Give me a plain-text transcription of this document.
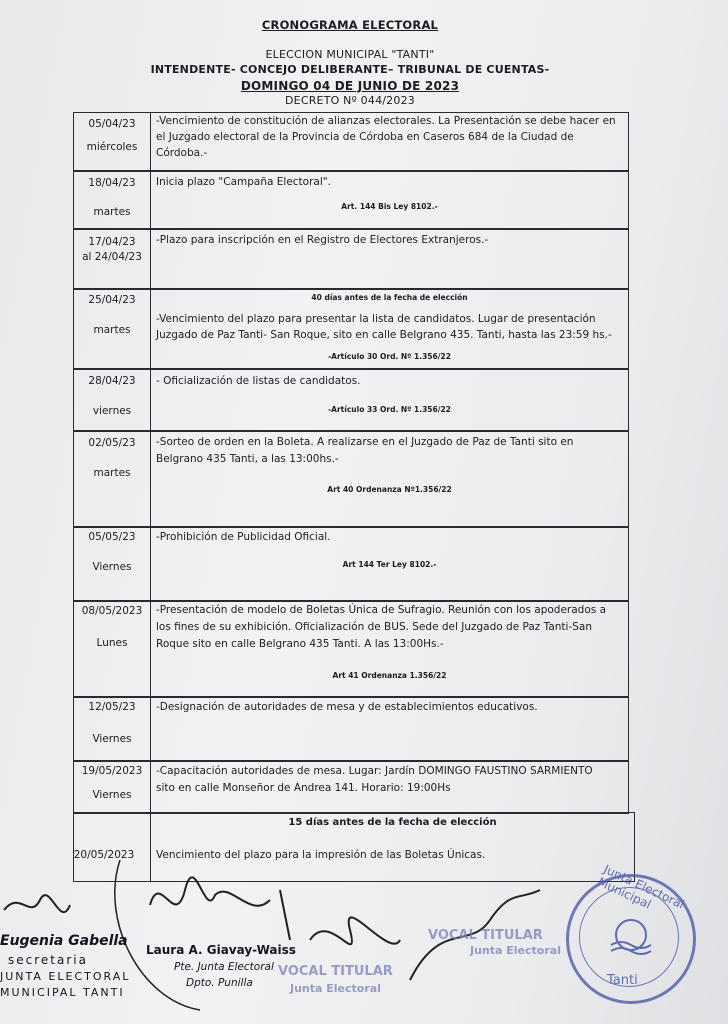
CRONOGRAMA ELECTORAL
ELECCION MUNICIPAL "TANTI"
INTENDENTE- CONCEJO DELIBERANTE– TRIBUNAL DE CUENTAS-
DOMINGO 04 DE JUNIO DE 2023
DECRETO Nº 044/2023
05/04/23
miércoles
-Vencimiento de constitución de alianzas electorales. La Presentación se debe hacer en
el Juzgado electoral de la Provincia de Córdoba en Caseros 684 de la Ciudad de
Córdoba.-
18/04/23
martes
Inicia plazo "Campaña Electoral".
Art. 144 Bis Ley 8102.-
17/04/23
al 24/04/23
-Plazo para inscripción en el Registro de Electores Extranjeros.-
25/04/23
martes
40 días antes de la fecha de elección
-Vencimiento del plazo para presentar la lista de candidatos. Lugar de presentación
Juzgado de Paz Tanti- San Roque, sito en calle Belgrano 435. Tanti, hasta las 23:59 hs.-
-Artículo 30 Ord. Nº 1.356/22
28/04/23
viernes
- Oficialización de listas de candidatos.
-Artículo 33 Ord. Nº 1.356/22
02/05/23
martes
-Sorteo de orden en la Boleta. A realizarse en el Juzgado de Paz de Tanti sito en
Belgrano 435 Tanti, a las 13:00hs.-
Art 40 Ordenanza Nº1.356/22
05/05/23
Viernes
-Prohibición de Publicidad Oficial.
Art 144 Ter Ley 8102.-
08/05/2023
Lunes
-Presentación de modelo de Boletas Única de Sufragio. Reunión con los apoderados a
los fines de su exhibición. Oficialización de BUS. Sede del Juzgado de Paz Tanti-San
Roque sito en calle Belgrano 435 Tanti. A las 13:00Hs.-
Art 41 Ordenanza 1.356/22
12/05/23
Viernes
-Designación de autoridades de mesa y de establecimientos educativos.
19/05/2023
Viernes
-Capacitación autoridades de mesa. Lugar: Jardín DOMINGO FAUSTINO SARMIENTO
sito en calle Monseñor de Andrea 141. Horario: 19:00Hs
20/05/2023
15 días antes de la fecha de elección
Vencimiento del plazo para la impresión de las Boletas Únicas.
Eugenia Gabella
secretaria
JUNTA ELECTORAL
MUNICIPAL TANTI
Laura A. Giavay-Waiss
Pte. Junta Electoral
Dpto. Punilla
VOCAL TITULAR
Junta Electoral
VOCAL TITULAR
Junta Electoral
Junta Electoral Municipal
Tanti
